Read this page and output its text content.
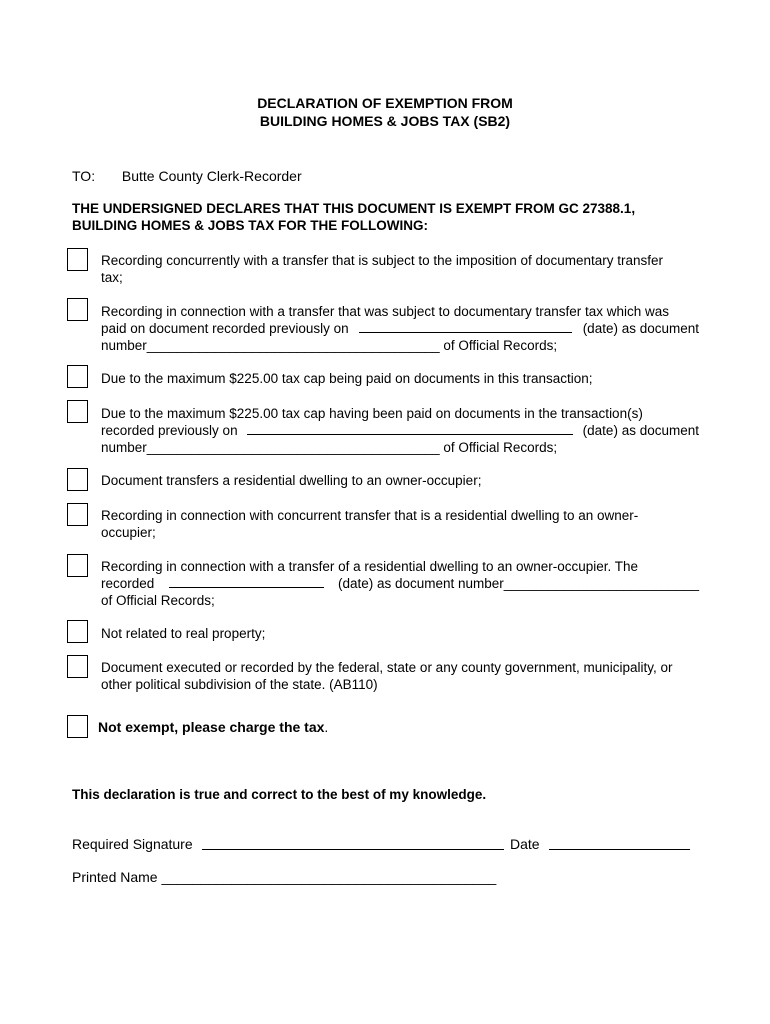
DECLARATION OF EXEMPTION FROM
BUILDING HOMES & JOBS TAX (SB2)
TO: Butte County Clerk-Recorder
THE UNDERSIGNED DECLARES THAT THIS DOCUMENT IS EXEMPT FROM GC 27388.1,
BUILDING HOMES & JOBS TAX FOR THE FOLLOWING:
Recording concurrently with a transfer that is subject to the imposition of documentary transfer
tax;
Recording in connection with a transfer that was subject to documentary transfer tax which was
paid on document recorded previously on	(date) as document
number_______________________________________ of Official Records;
Due to the maximum $225.00 tax cap being paid on documents in this transaction;
Due to the maximum $225.00 tax cap having been paid on documents in the transaction(s)
recorded previously on	(date) as document
number_______________________________________ of Official Records;
Document transfers a residential dwelling to an owner-occupier;
Recording in connection with concurrent transfer that is a residential dwelling to an owner-
occupier;
Recording in connection with a transfer of a residential dwelling to an owner-occupier. The
recorded	(date) as document number__________________________
of Official Records;
Not related to real property;
Document executed or recorded by the federal, state or any county government, municipality, or
other political subdivision of the state. (AB110)
Not exempt, please charge the tax.
This declaration is true and correct to the best of my knowledge.
Required Signature	Date
Printed Name ___________________________________________
